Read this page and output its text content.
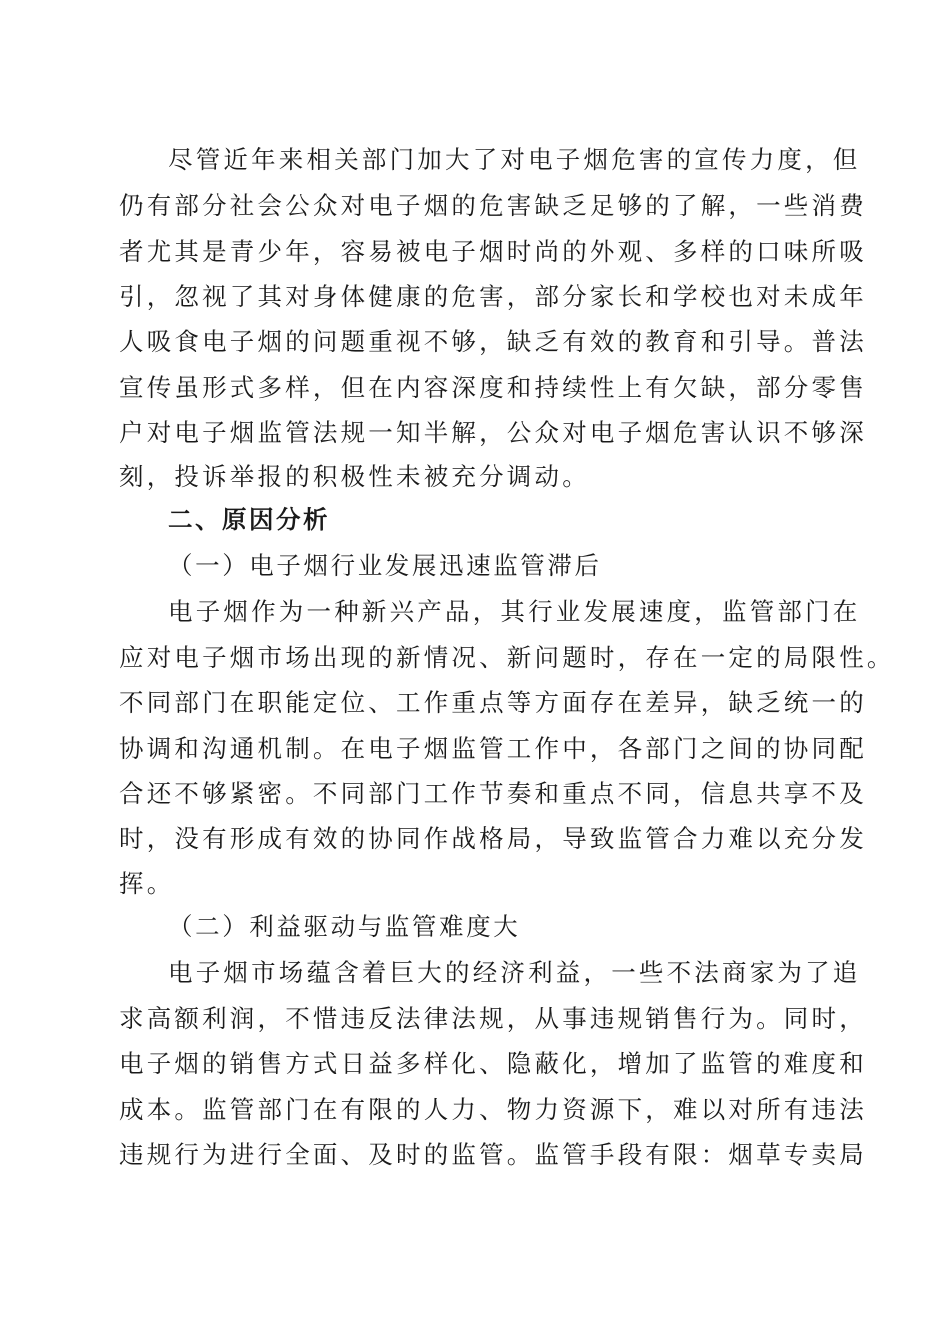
尽管近年来相关部门加大了对电子烟危害的宣传力度，但
仍有部分社会公众对电子烟的危害缺乏足够的了解，一些消费
者尤其是青少年，容易被电子烟时尚的外观、多样的口味所吸
引，忽视了其对身体健康的危害，部分家长和学校也对未成年
人吸食电子烟的问题重视不够，缺乏有效的教育和引导。普法
宣传虽形式多样，但在内容深度和持续性上有欠缺，部分零售
户对电子烟监管法规一知半解，公众对电子烟危害认识不够深
刻，投诉举报的积极性未被充分调动。
二、原因分析
（一）电子烟行业发展迅速监管滞后
电子烟作为一种新兴产品，其行业发展速度，监管部门在
应对电子烟市场出现的新情况、新问题时，存在一定的局限性。
不同部门在职能定位、工作重点等方面存在差异，缺乏统一的
协调和沟通机制。在电子烟监管工作中，各部门之间的协同配
合还不够紧密。不同部门工作节奏和重点不同，信息共享不及
时，没有形成有效的协同作战格局，导致监管合力难以充分发
挥。
（二）利益驱动与监管难度大
电子烟市场蕴含着巨大的经济利益，一些不法商家为了追
求高额利润，不惜违反法律法规，从事违规销售行为。同时，
电子烟的销售方式日益多样化、隐蔽化，增加了监管的难度和
成本。监管部门在有限的人力、物力资源下，难以对所有违法
违规行为进行全面、及时的监管。监管手段有限：烟草专卖局
